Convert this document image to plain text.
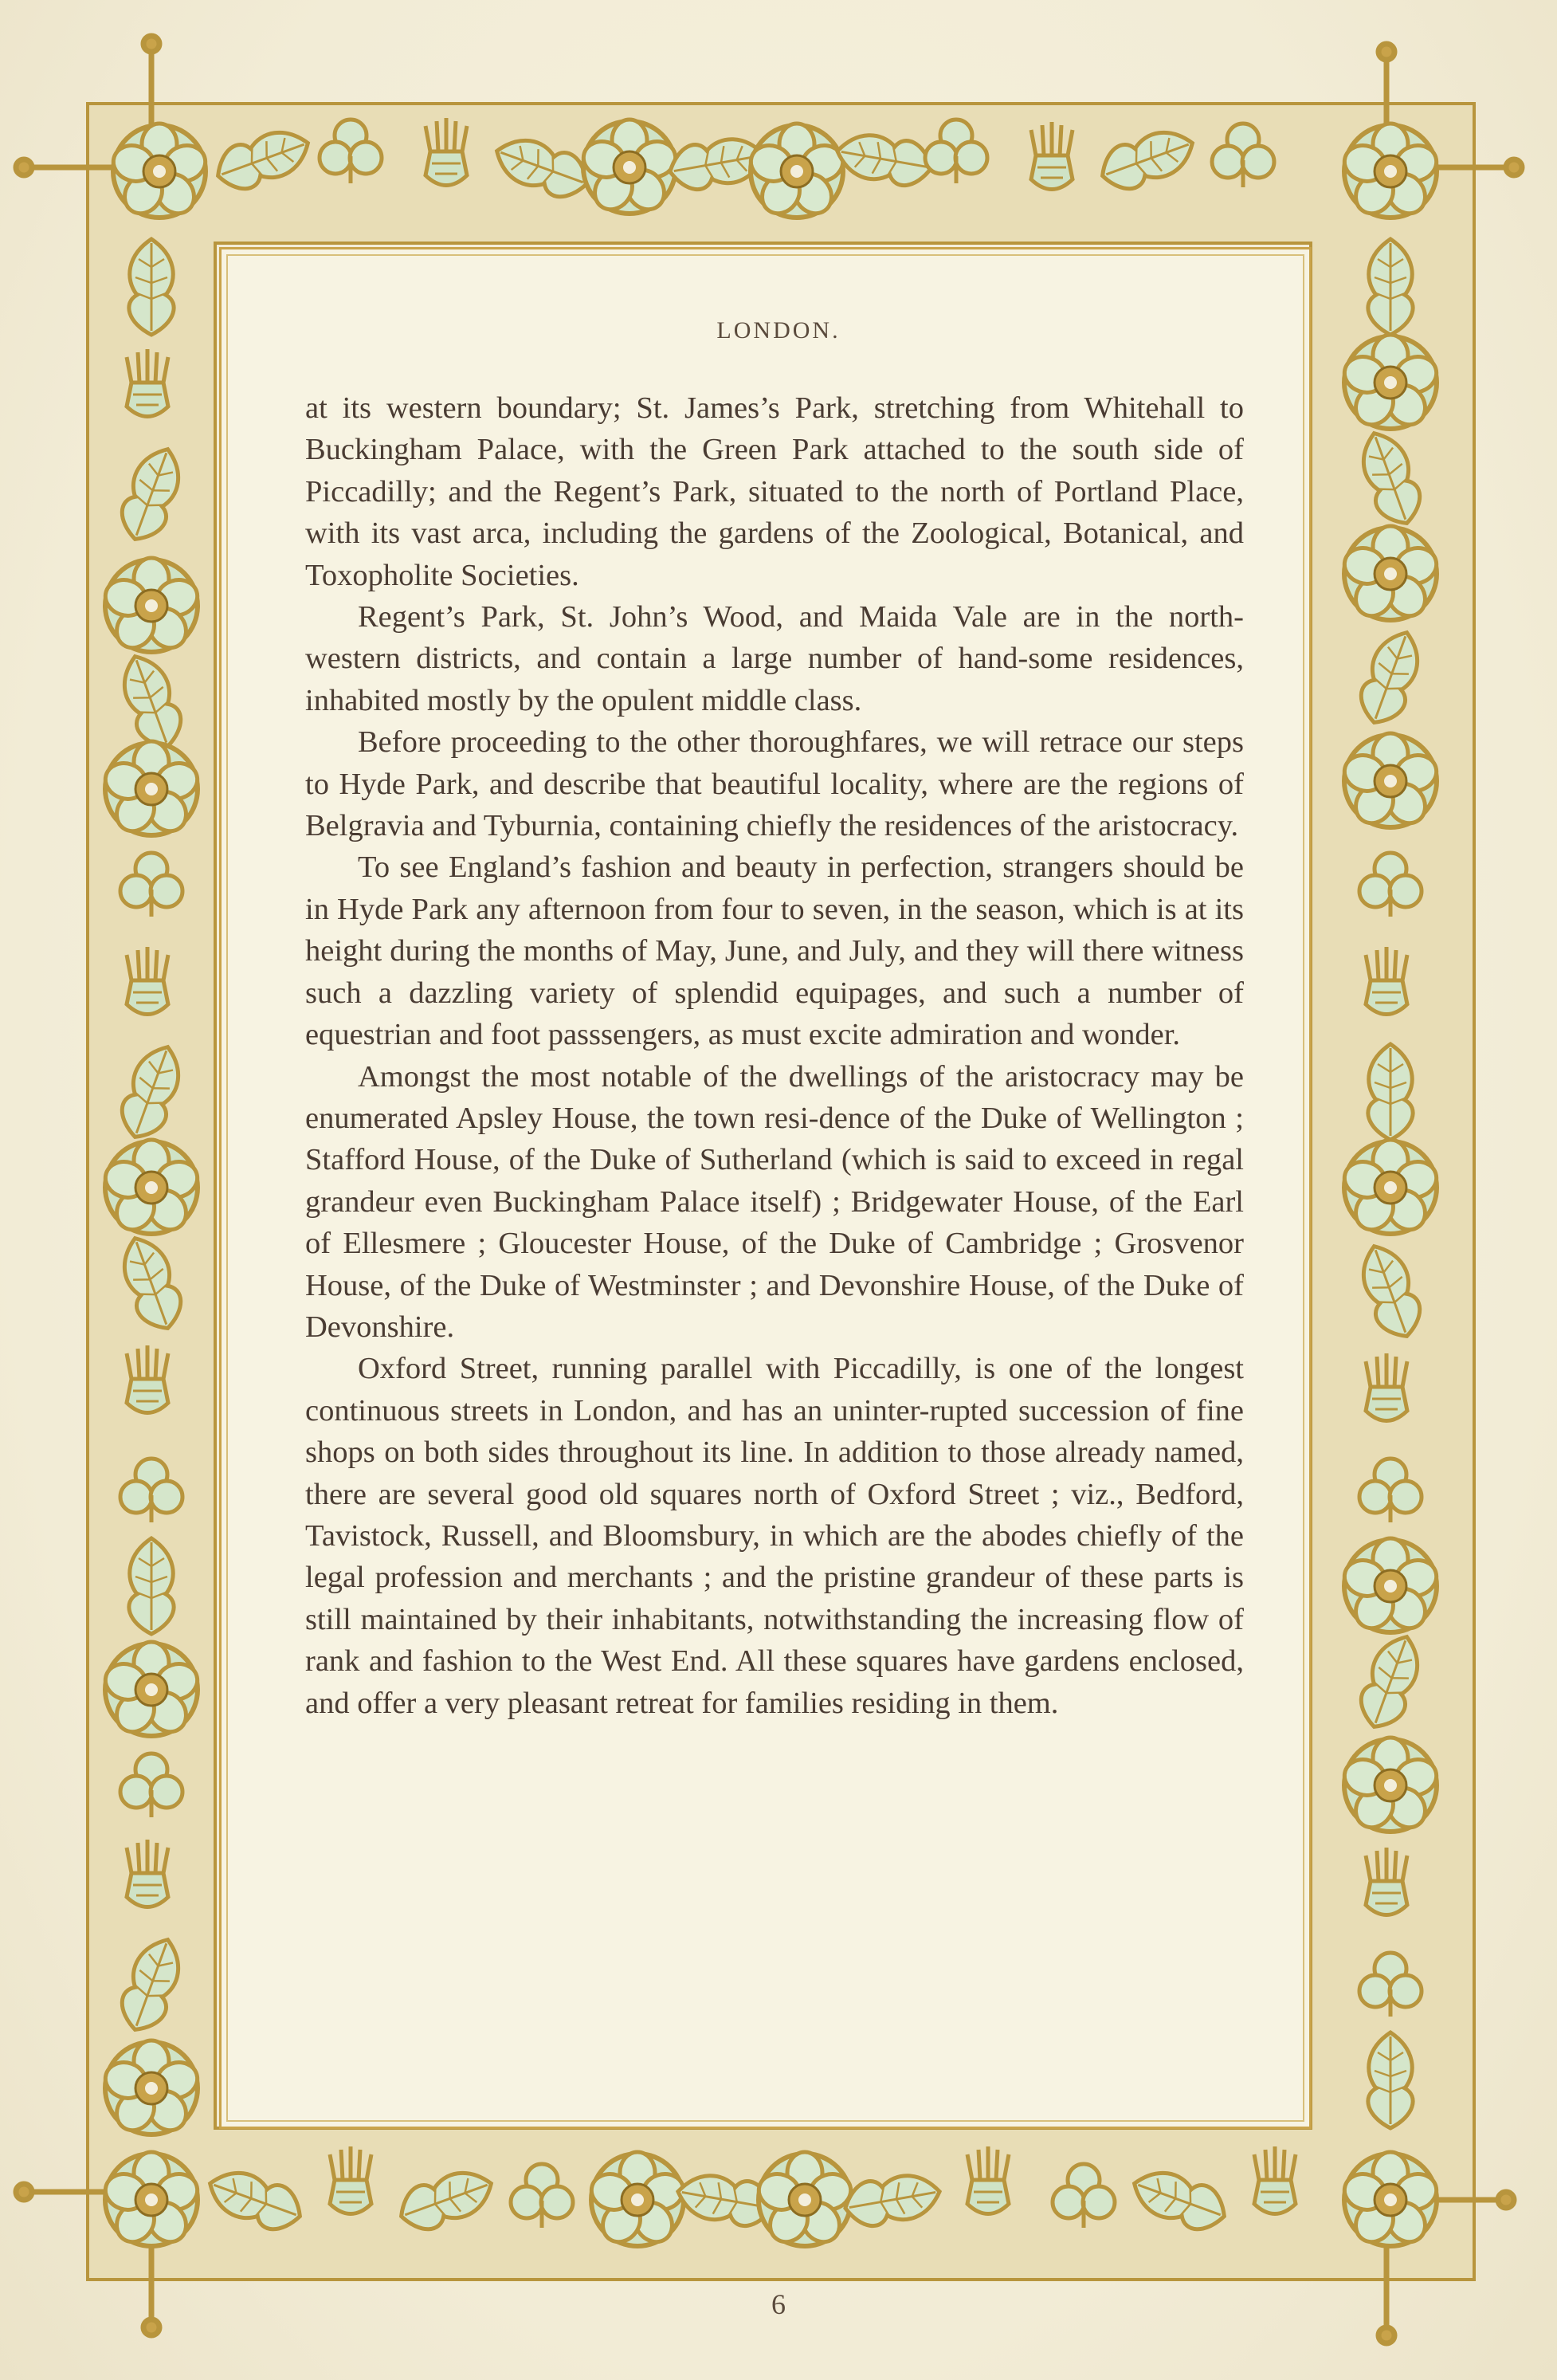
LONDON.

at its western boundary; St. James’s Park, stretching from Whitehall to Buckingham Palace, with the Green Park attached to the south side of Piccadilly; and the Regent’s Park, situated to the north of Portland Place, with its vast arca, including the gardens of the Zoological, Botanical, and Toxopholite Societies.

Regent’s Park, St. John’s Wood, and Maida Vale are in the north-western districts, and contain a large number of hand-some residences, inhabited mostly by the opulent middle class.

Before proceeding to the other thoroughfares, we will retrace our steps to Hyde Park, and describe that beautiful locality, where are the regions of Belgravia and Tyburnia, containing chiefly the residences of the aristocracy.

To see England’s fashion and beauty in perfection, strangers should be in Hyde Park any afternoon from four to seven, in the season, which is at its height during the months of May, June, and July, and they will there witness such a dazzling variety of splendid equipages, and such a number of equestrian and foot passsengers, as must excite admiration and wonder.

Amongst the most notable of the dwellings of the aristocracy may be enumerated Apsley House, the town resi-dence of the Duke of Wellington ; Stafford House, of the Duke of Sutherland (which is said to exceed in regal grandeur even Buckingham Palace itself) ; Bridgewater House, of the Earl of Ellesmere ; Gloucester House, of the Duke of Cambridge ; Grosvenor House, of the Duke of Westminster ; and Devonshire House, of the Duke of Devonshire.

Oxford Street, running parallel with Piccadilly, is one of the longest continuous streets in London, and has an uninter-rupted succession of fine shops on both sides throughout its line. In addition to those already named, there are several good old squares north of Oxford Street ; viz., Bedford, Tavistock, Russell, and Bloomsbury, in which are the abodes chiefly of the legal profession and merchants ; and the pristine grandeur of these parts is still maintained by their inhabitants, notwithstanding the increasing flow of rank and fashion to the West End. All these squares have gardens enclosed, and offer a very pleasant retreat for families residing in them.

6
